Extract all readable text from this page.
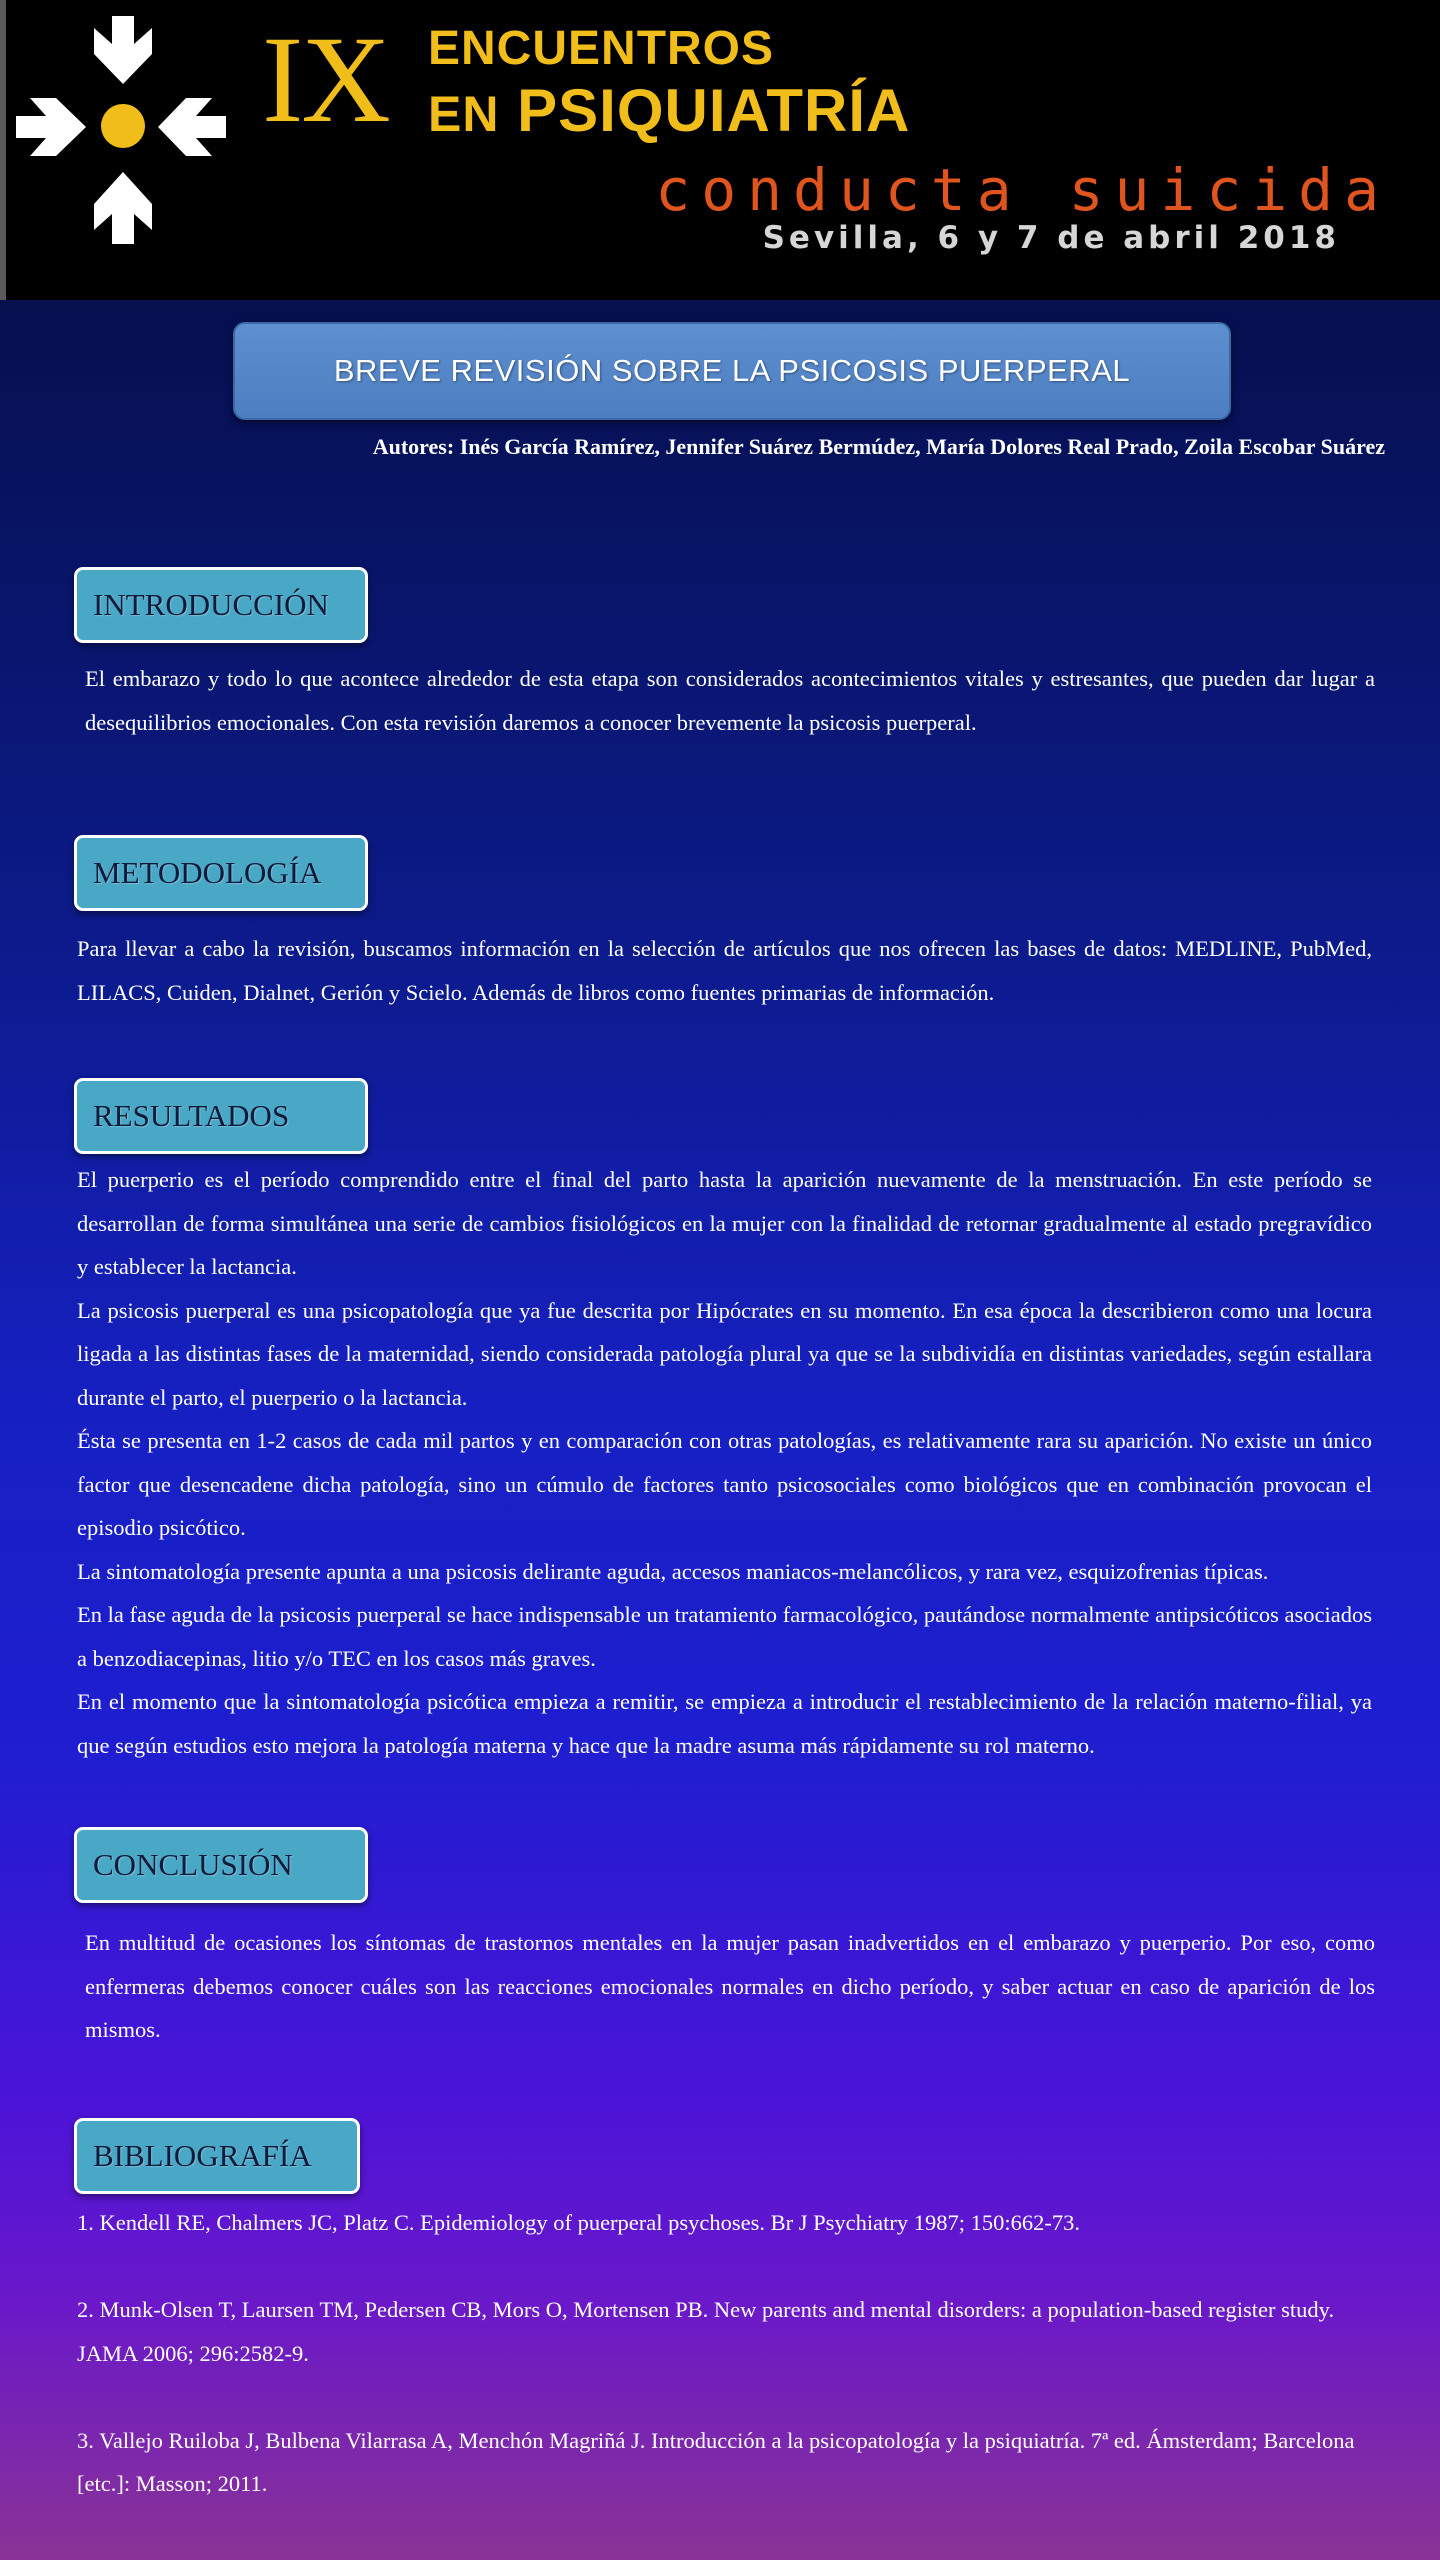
IX ENCUENTROS
EN PSIQUIATRÍA
conducta suicida
Sevilla, 6 y 7 de abril 2018
BREVE REVISIÓN SOBRE LA PSICOSIS PUERPERAL
Autores: Inés García Ramírez, Jennifer Suárez Bermúdez, María Dolores Real Prado, Zoila Escobar Suárez
INTRODUCCIÓN

El embarazo y todo lo que acontece alrededor de esta etapa son considerados acontecimientos vitales y estresantes, que pueden dar lugar a desequilibrios emocionales. Con esta revisión daremos a conocer brevemente la psicosis puerperal.

METODOLOGÍA

Para llevar a cabo la revisión, buscamos información en la selección de artículos que nos ofrecen las bases de datos: MEDLINE, PubMed, LILACS, Cuiden, Dialnet, Gerión y Scielo. Además de libros como fuentes primarias de información.

RESULTADOS

El puerperio es el período comprendido entre el final del parto hasta la aparición nuevamente de la menstruación. En este período se desarrollan de forma simultánea una serie de cambios fisiológicos en la mujer con la finalidad de retornar gradualmente al estado pregravídico y establecer la lactancia.

La psicosis puerperal es una psicopatología que ya fue descrita por Hipócrates en su momento. En esa época la describieron como una locura ligada a las distintas fases de la maternidad, siendo considerada patología plural ya que se la subdividía en distintas variedades, según estallara durante el parto, el puerperio o la lactancia.

Ésta se presenta en 1-2 casos de cada mil partos y en comparación con otras patologías, es relativamente rara su aparición. No existe un único factor que desencadene dicha patología, sino un cúmulo de factores tanto psicosociales como biológicos que en combinación provocan el episodio psicótico.

La sintomatología presente apunta a una psicosis delirante aguda, accesos maniacos-melancólicos, y rara vez, esquizofrenias típicas.

En la fase aguda de la psicosis puerperal se hace indispensable un tratamiento farmacológico, pautándose normalmente antipsicóticos asociados a benzodiacepinas, litio y/o TEC en los casos más graves.

En el momento que la sintomatología psicótica empieza a remitir, se empieza a introducir el restablecimiento de la relación materno-filial, ya que según estudios esto mejora la patología materna y hace que la madre asuma más rápidamente su rol materno.

CONCLUSIÓN

En multitud de ocasiones los síntomas de trastornos mentales en la mujer pasan inadvertidos en el embarazo y puerperio. Por eso, como enfermeras debemos conocer cuáles son las reacciones emocionales normales en dicho período, y saber actuar en caso de aparición de los mismos.

BIBLIOGRAFÍA

1. Kendell RE, Chalmers JC, Platz C. Epidemiology of puerperal psychoses. Br J Psychiatry 1987; 150:662-73.

2. Munk-Olsen T, Laursen TM, Pedersen CB, Mors O, Mortensen PB. New parents and mental disorders: a population-based register study. JAMA 2006; 296:2582-9.

3. Vallejo Ruiloba J, Bulbena Vilarrasa A, Menchón Magriñá J. Introducción a la psicopatología y la psiquiatría. 7ª ed. Ámsterdam; Barcelona [etc.]: Masson; 2011.
